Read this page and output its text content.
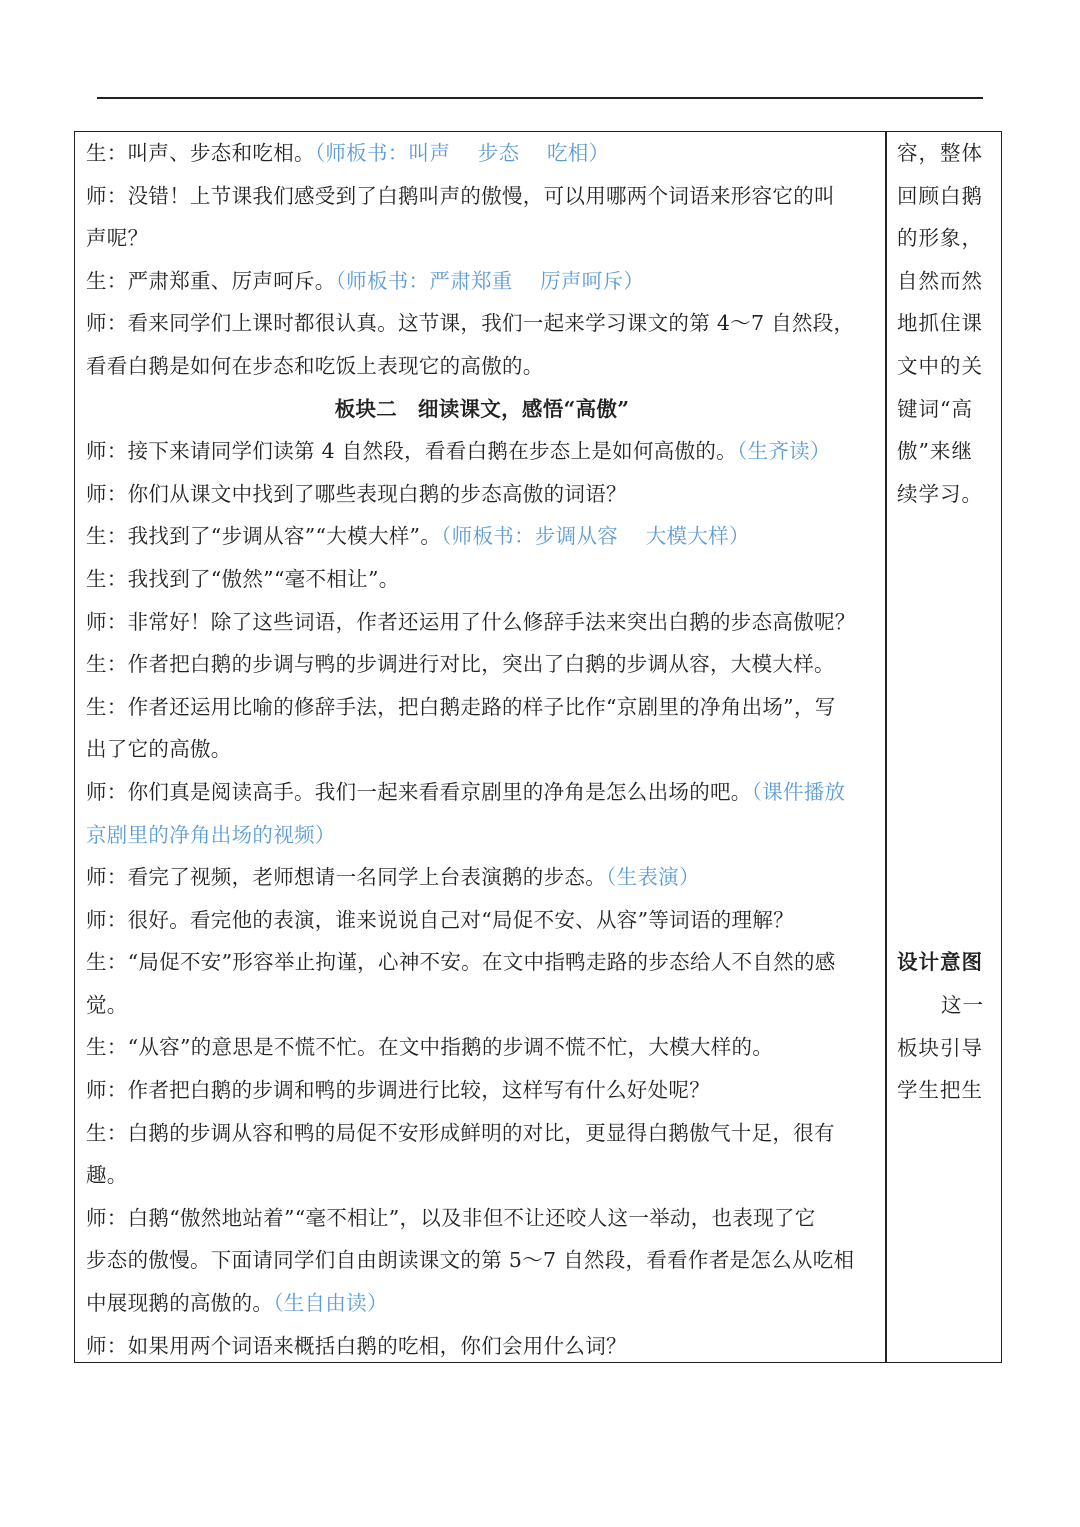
生：叫声、步态和吃相。（师板书：叫声　 步态　 吃相）
师：没错！上节课我们感受到了白鹅叫声的傲慢，可以用哪两个词语来形容它的叫
声呢？
生：严肃郑重、厉声呵斥。（师板书：严肃郑重　 厉声呵斥）
师：看来同学们上课时都很认真。这节课，我们一起来学习课文的第 4～7 自然段，
看看白鹅是如何在步态和吃饭上表现它的高傲的。
板块二　细读课文，感悟“高傲”
师：接下来请同学们读第 4 自然段，看看白鹅在步态上是如何高傲的。（生齐读）
师：你们从课文中找到了哪些表现白鹅的步态高傲的词语？
生：我找到了“步调从容”“大模大样”。（师板书：步调从容　 大模大样）
生：我找到了“傲然”“毫不相让”。
师：非常好！除了这些词语，作者还运用了什么修辞手法来突出白鹅的步态高傲呢？
生：作者把白鹅的步调与鸭的步调进行对比，突出了白鹅的步调从容，大模大样。
生：作者还运用比喻的修辞手法，把白鹅走路的样子比作“京剧里的净角出场”，写
出了它的高傲。
师：你们真是阅读高手。我们一起来看看京剧里的净角是怎么出场的吧。（课件播放
京剧里的净角出场的视频）
师：看完了视频，老师想请一名同学上台表演鹅的步态。（生表演）
师：很好。看完他的表演，谁来说说自己对“局促不安、从容”等词语的理解？
生：“局促不安”形容举止拘谨，心神不安。在文中指鸭走路的步态给人不自然的感
觉。
生：“从容”的意思是不慌不忙。在文中指鹅的步调不慌不忙，大模大样的。
师：作者把白鹅的步调和鸭的步调进行比较，这样写有什么好处呢？
生：白鹅的步调从容和鸭的局促不安形成鲜明的对比，更显得白鹅傲气十足，很有
趣。
师：白鹅“傲然地站着”“毫不相让”，以及非但不让还咬人这一举动，也表现了它
步态的傲慢。下面请同学们自由朗读课文的第 5～7 自然段，看看作者是怎么从吃相
中展现鹅的高傲的。（生自由读）
师：如果用两个词语来概括白鹅的吃相，你们会用什么词？
容，整体
回顾白鹅
的形象，
自然而然
地抓住课
文中的关
键词“高
傲”来继
续学习。
设计意图
这一
板块引导
学生把生
